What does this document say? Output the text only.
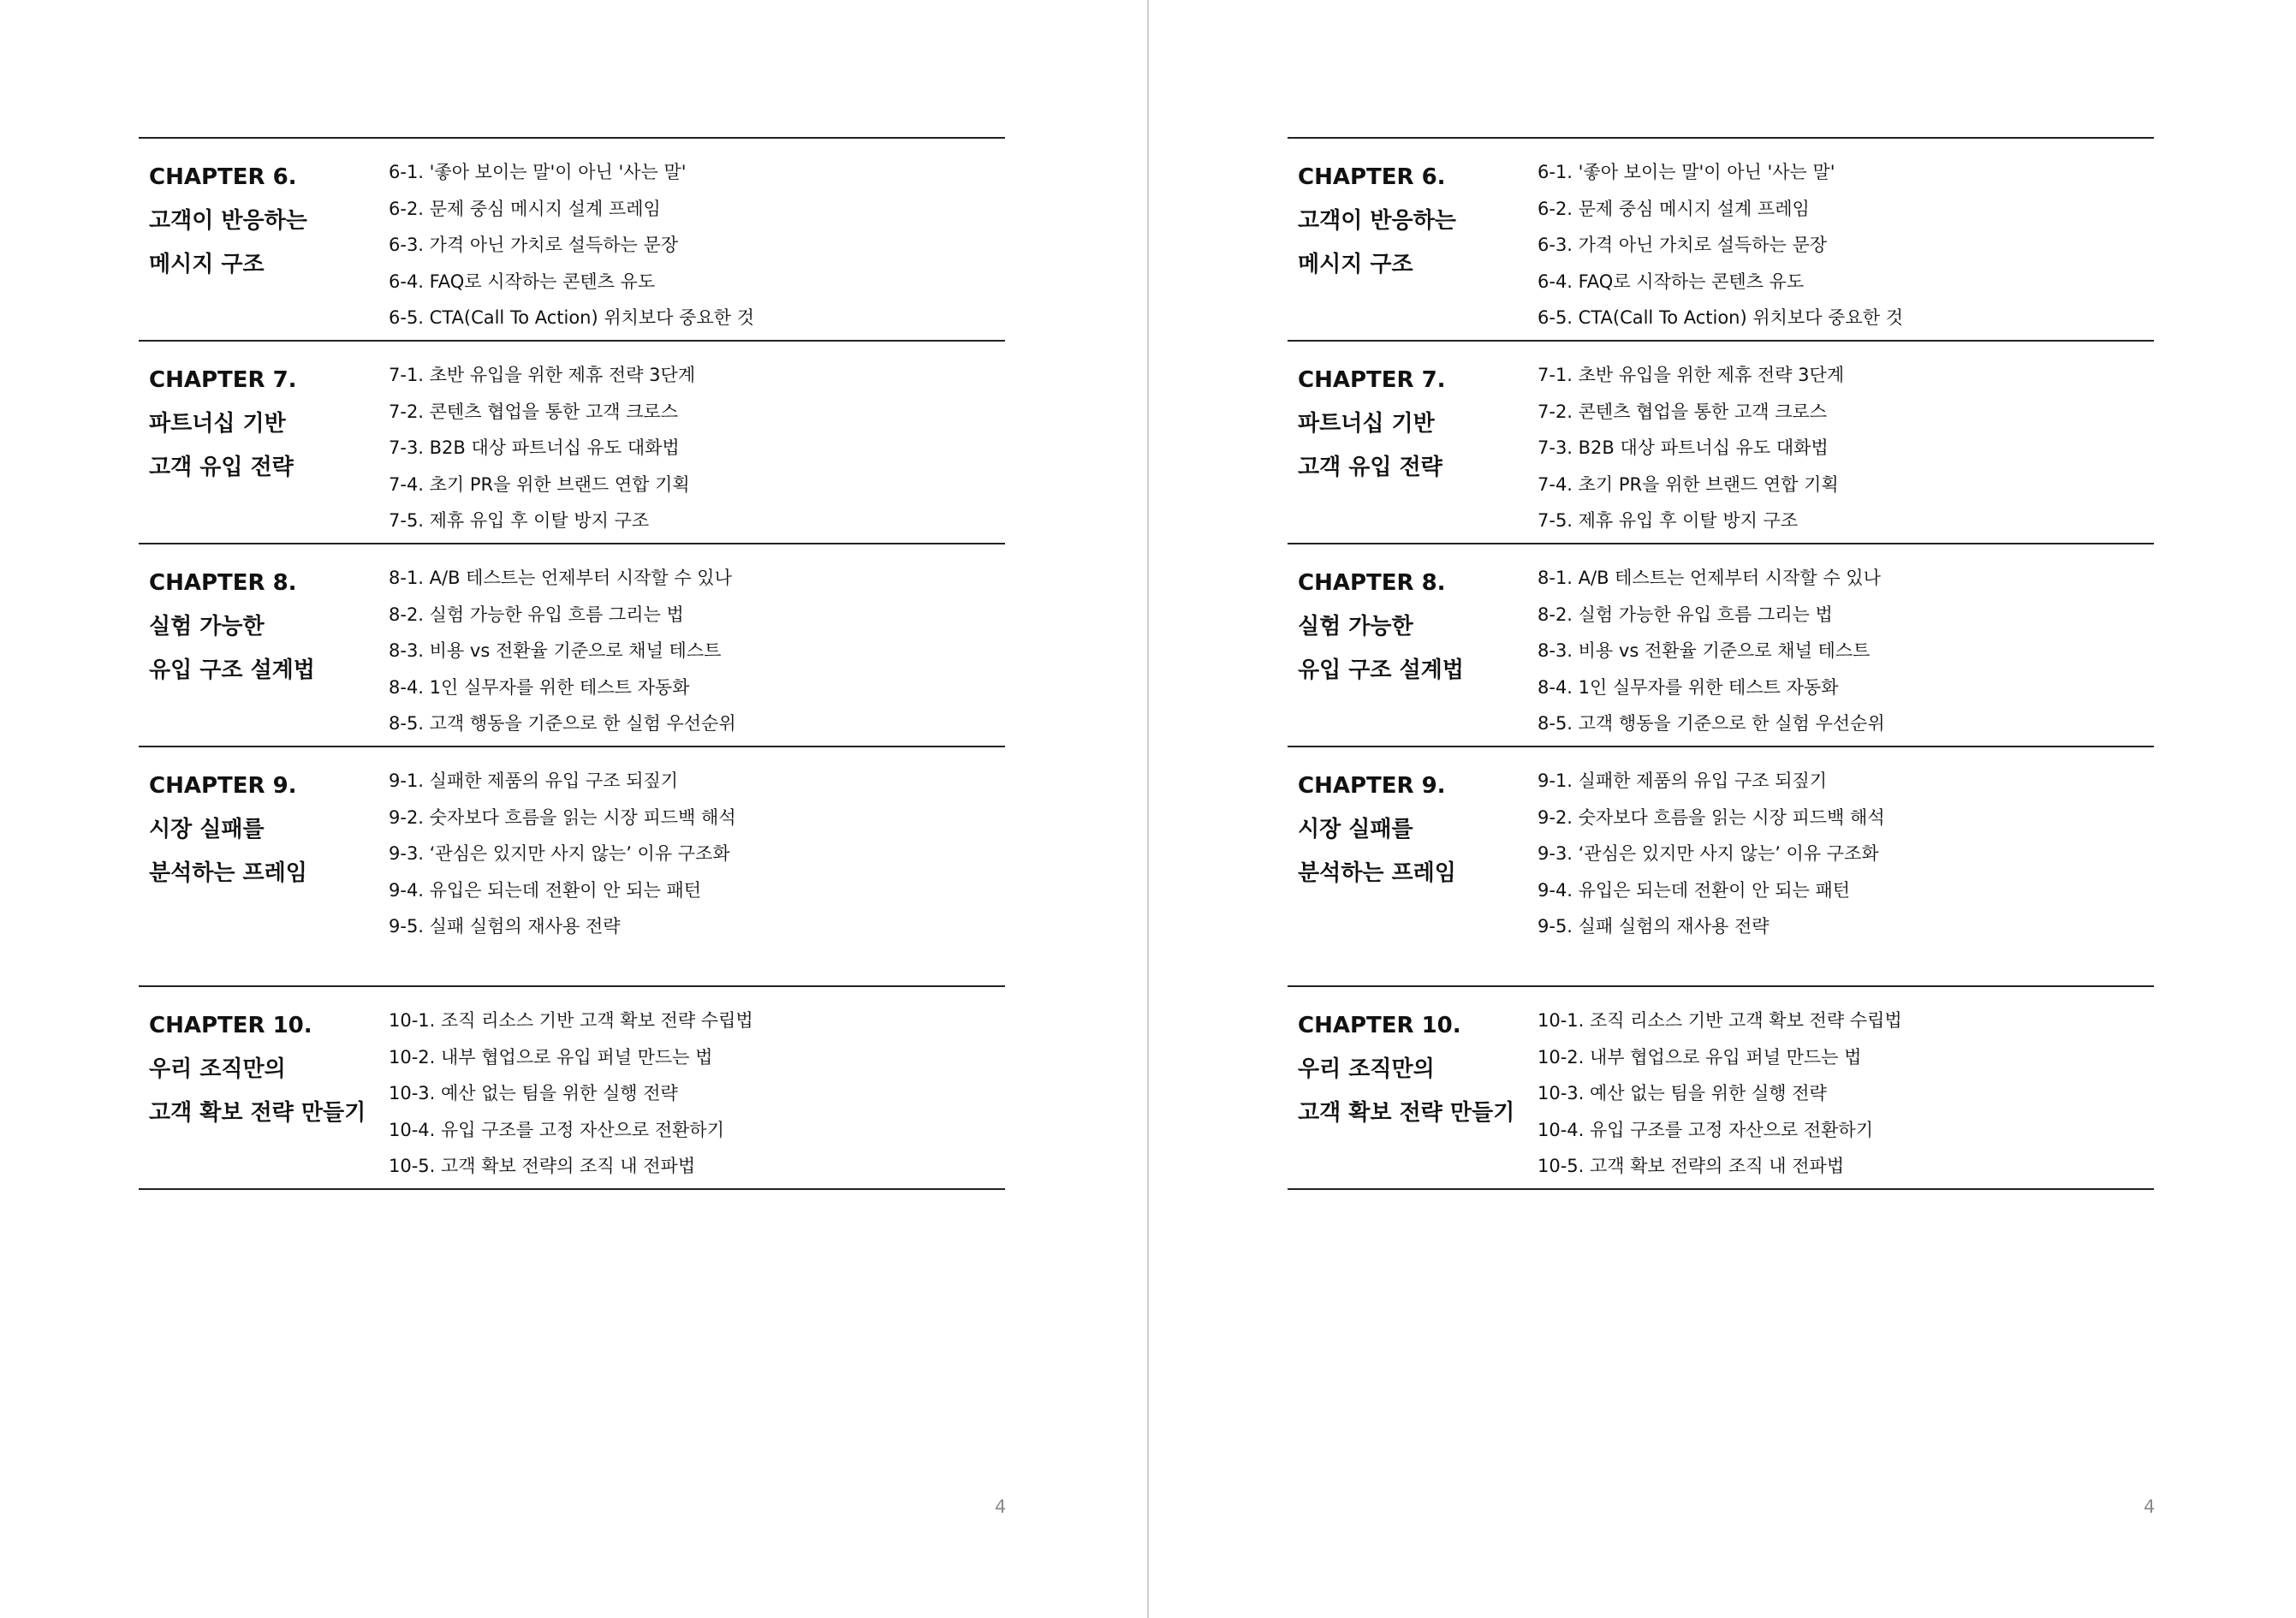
CHAPTER 6.
고객이 반응하는
메시지 구조
6-1. '좋아 보이는 말'이 아닌 '사는 말'
6-2. 문제 중심 메시지 설계 프레임
6-3. 가격 아닌 가치로 설득하는 문장
6-4. FAQ로 시작하는 콘텐츠 유도
6-5. CTA(Call To Action) 위치보다 중요한 것
CHAPTER 7.
파트너십 기반
고객 유입 전략
7-1. 초반 유입을 위한 제휴 전략 3단계
7-2. 콘텐츠 협업을 통한 고객 크로스
7-3. B2B 대상 파트너십 유도 대화법
7-4. 초기 PR을 위한 브랜드 연합 기획
7-5. 제휴 유입 후 이탈 방지 구조
CHAPTER 8.
실험 가능한
유입 구조 설계법
8-1. A/B 테스트는 언제부터 시작할 수 있나
8-2. 실험 가능한 유입 흐름 그리는 법
8-3. 비용 vs 전환율 기준으로 채널 테스트
8-4. 1인 실무자를 위한 테스트 자동화
8-5. 고객 행동을 기준으로 한 실험 우선순위
CHAPTER 9.
시장 실패를
분석하는 프레임
9-1. 실패한 제품의 유입 구조 되짚기
9-2. 숫자보다 흐름을 읽는 시장 피드백 해석
9-3. ‘관심은 있지만 사지 않는’ 이유 구조화
9-4. 유입은 되는데 전환이 안 되는 패턴
9-5. 실패 실험의 재사용 전략
CHAPTER 10.
우리 조직만의
고객 확보 전략 만들기
10-1. 조직 리소스 기반 고객 확보 전략 수립법
10-2. 내부 협업으로 유입 퍼널 만드는 법
10-3. 예산 없는 팀을 위한 실행 전략
10-4. 유입 구조를 고정 자산으로 전환하기
10-5. 고객 확보 전략의 조직 내 전파법
4
CHAPTER 6.
고객이 반응하는
메시지 구조
6-1. '좋아 보이는 말'이 아닌 '사는 말'
6-2. 문제 중심 메시지 설계 프레임
6-3. 가격 아닌 가치로 설득하는 문장
6-4. FAQ로 시작하는 콘텐츠 유도
6-5. CTA(Call To Action) 위치보다 중요한 것
CHAPTER 7.
파트너십 기반
고객 유입 전략
7-1. 초반 유입을 위한 제휴 전략 3단계
7-2. 콘텐츠 협업을 통한 고객 크로스
7-3. B2B 대상 파트너십 유도 대화법
7-4. 초기 PR을 위한 브랜드 연합 기획
7-5. 제휴 유입 후 이탈 방지 구조
CHAPTER 8.
실험 가능한
유입 구조 설계법
8-1. A/B 테스트는 언제부터 시작할 수 있나
8-2. 실험 가능한 유입 흐름 그리는 법
8-3. 비용 vs 전환율 기준으로 채널 테스트
8-4. 1인 실무자를 위한 테스트 자동화
8-5. 고객 행동을 기준으로 한 실험 우선순위
CHAPTER 9.
시장 실패를
분석하는 프레임
9-1. 실패한 제품의 유입 구조 되짚기
9-2. 숫자보다 흐름을 읽는 시장 피드백 해석
9-3. ‘관심은 있지만 사지 않는’ 이유 구조화
9-4. 유입은 되는데 전환이 안 되는 패턴
9-5. 실패 실험의 재사용 전략
CHAPTER 10.
우리 조직만의
고객 확보 전략 만들기
10-1. 조직 리소스 기반 고객 확보 전략 수립법
10-2. 내부 협업으로 유입 퍼널 만드는 법
10-3. 예산 없는 팀을 위한 실행 전략
10-4. 유입 구조를 고정 자산으로 전환하기
10-5. 고객 확보 전략의 조직 내 전파법
4
